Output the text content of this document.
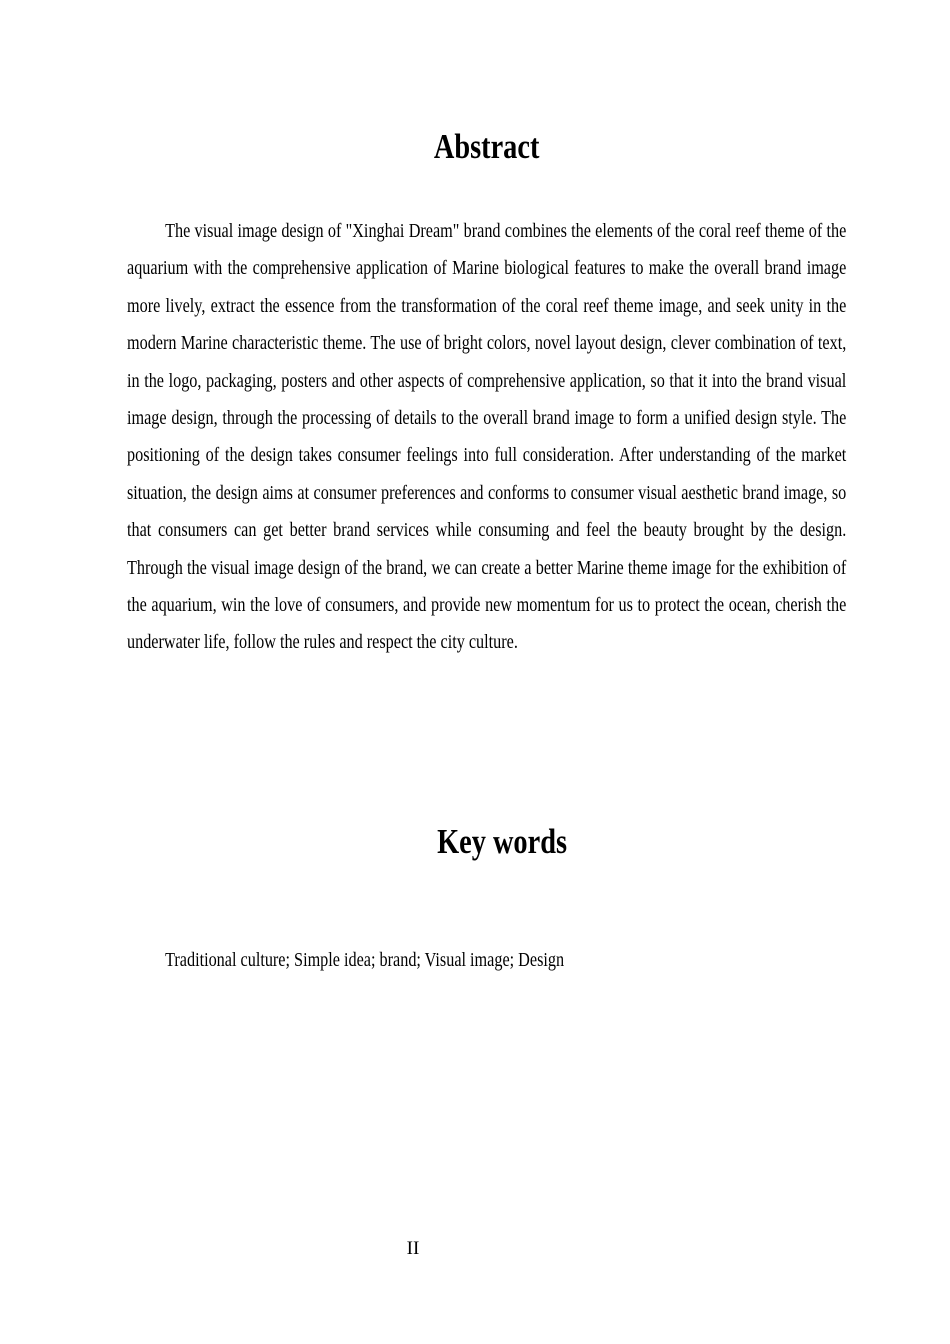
Abstract

The visual image design of "Xinghai Dream" brand combines the elements of the coral reef theme of the aquarium with the comprehensive application of Marine biological features to make the overall brand image more lively, extract the essence from the transformation of the coral reef theme image, and seek unity in the modern Marine characteristic theme. The use of bright colors, novel layout design, clever combination of text, in the logo, packaging, posters and other aspects of comprehensive application, so that it into the brand visual image design, through the processing of details to the overall brand image to form a unified design style. The positioning of the design takes consumer feelings into full consideration. After understanding of the market situation, the design aims at consumer preferences and conforms to consumer visual aesthetic brand image, so that consumers can get better brand services while consuming and feel the beauty brought by the design. Through the visual image design of the brand, we can create a better Marine theme image for the exhibition of the aquarium, win the love of consumers, and provide new momentum for us to protect the ocean, cherish the underwater life, follow the rules and respect the city culture.

Key words

Traditional culture; Simple idea; brand; Visual image; Design

II
